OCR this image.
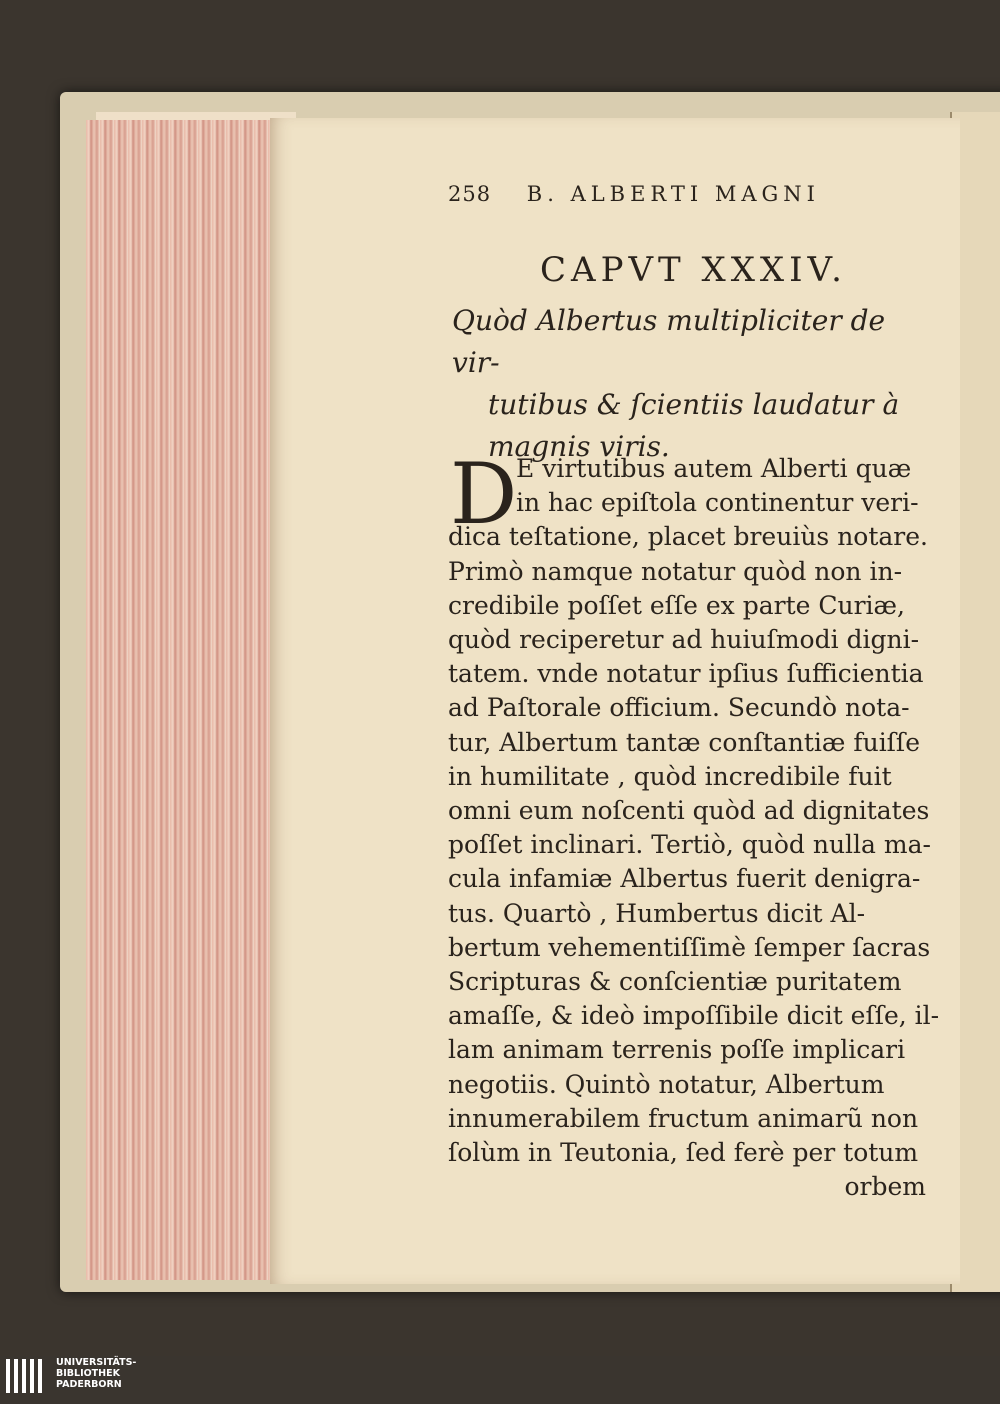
258 B. ALBERTI MAGNI
CAPVT XXXIV.
Quòd Albertus multipliciter de vir-
tutibus & ſcientiis laudatur à
magnis viris.
D
E virtutibus autem Alberti quæ
in hac epiſtola continentur veri-
dica teſtatione, placet breuiùs notare.
Primò namque notatur quòd non in-
credibile poſſet eſſe ex parte Curiæ,
quòd reciperetur ad huiuſmodi digni-
tatem. vnde notatur ipſius ſufficientia
ad Paſtorale officium. Secundò nota-
tur, Albertum tantæ conſtantiæ fuiſſe
in humilitate , quòd incredibile fuit
omni eum noſcenti quòd ad dignitates
poſſet inclinari. Tertiò, quòd nulla ma-
cula infamiæ Albertus fuerit denigra-
tus. Quartò , Humbertus dicit Al-
bertum vehementiſſimè ſemper ſacras
Scripturas & conſcientiæ puritatem
amaſſe, & ideò impoſſibile dicit eſſe, il-
lam animam terrenis poſſe implicari
negotiis. Quintò notatur, Albertum
innumerabilem fructum animarũ non
ſolùm in Teutonia, ſed ferè per totum
orbem
UNIVERSITÄTS-
BIBLIOTHEK
PADERBORN
